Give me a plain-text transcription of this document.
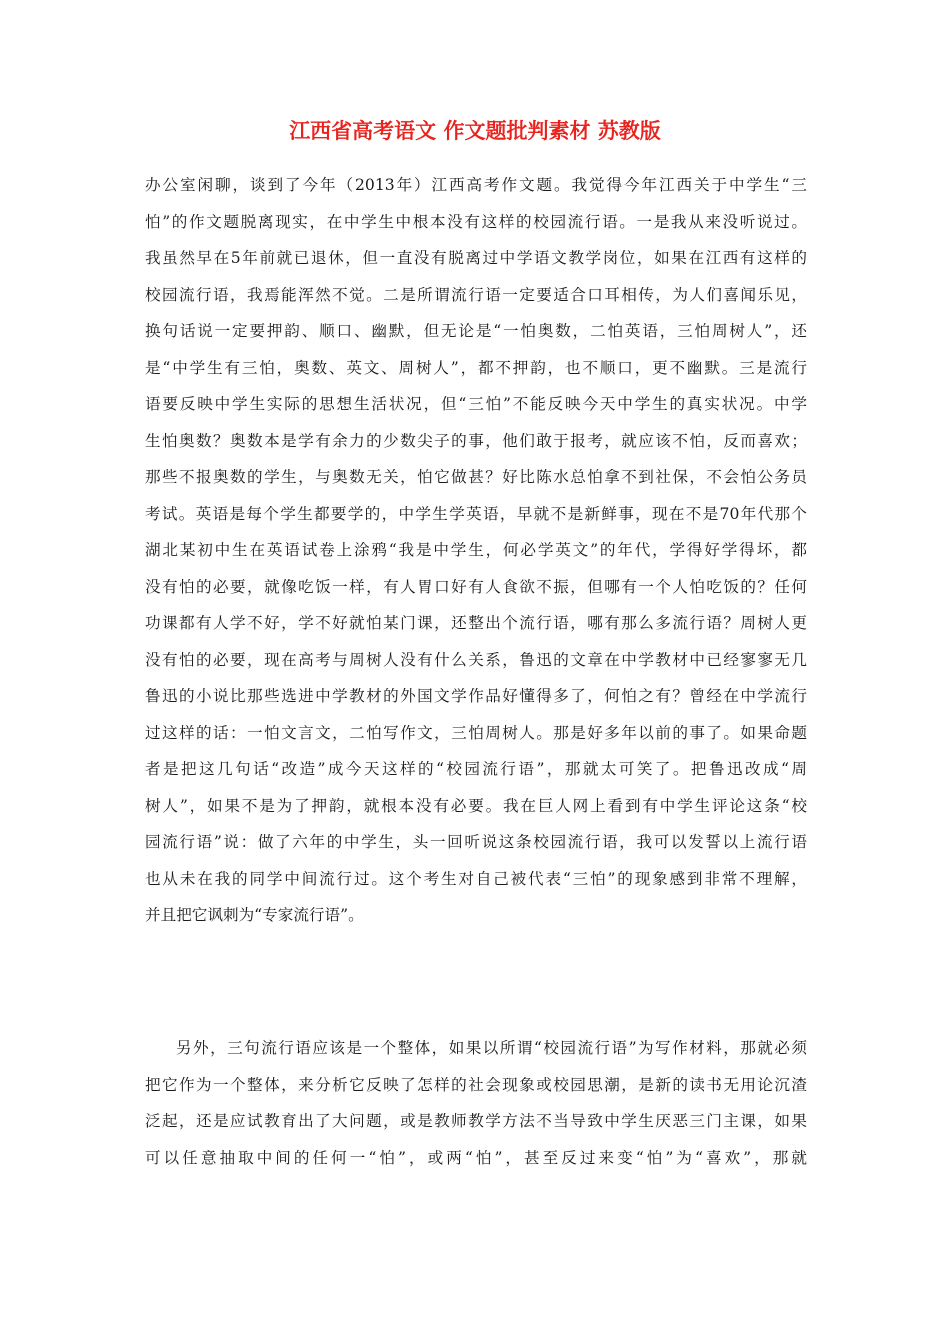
江西省高考语文 作文题批判素材 苏教版
办公室闲聊，谈到了今年（2013年）江西高考作文题。我觉得今年江西关于中学生“三
怕”的作文题脱离现实，在中学生中根本没有这样的校园流行语。一是我从来没听说过。
我虽然早在5年前就已退休，但一直没有脱离过中学语文教学岗位，如果在江西有这样的
校园流行语，我焉能浑然不觉。二是所谓流行语一定要适合口耳相传，为人们喜闻乐见，
换句话说一定要押韵、顺口、幽默，但无论是“一怕奥数，二怕英语，三怕周树人”，还
是“中学生有三怕，奥数、英文、周树人”，都不押韵，也不顺口，更不幽默。三是流行
语要反映中学生实际的思想生活状况，但“三怕”不能反映今天中学生的真实状况。中学
生怕奥数？奥数本是学有余力的少数尖子的事，他们敢于报考，就应该不怕，反而喜欢；
那些不报奥数的学生，与奥数无关，怕它做甚？好比陈水总怕拿不到社保，不会怕公务员
考试。英语是每个学生都要学的，中学生学英语，早就不是新鲜事，现在不是70年代那个
湖北某初中生在英语试卷上涂鸦“我是中学生，何必学英文”的年代，学得好学得坏，都
没有怕的必要，就像吃饭一样，有人胃口好有人食欲不振，但哪有一个人怕吃饭的？任何
功课都有人学不好，学不好就怕某门课，还整出个流行语，哪有那么多流行语？周树人更
没有怕的必要，现在高考与周树人没有什么关系，鲁迅的文章在中学教材中已经寥寥无几
鲁迅的小说比那些选进中学教材的外国文学作品好懂得多了，何怕之有？曾经在中学流行
过这样的话：一怕文言文，二怕写作文，三怕周树人。那是好多年以前的事了。如果命题
者是把这几句话“改造”成今天这样的“校园流行语”，那就太可笑了。把鲁迅改成“周
树人”，如果不是为了押韵，就根本没有必要。我在巨人网上看到有中学生评论这条“校
园流行语”说：做了六年的中学生，头一回听说这条校园流行语，我可以发誓以上流行语
也从未在我的同学中间流行过。这个考生对自己被代表“三怕”的现象感到非常不理解，
并且把它讽刺为“专家流行语”。
另外，三句流行语应该是一个整体，如果以所谓“校园流行语”为写作材料，那就必须
把它作为一个整体，来分析它反映了怎样的社会现象或校园思潮，是新的读书无用论沉渣
泛起，还是应试教育出了大问题，或是教师教学方法不当导致中学生厌恶三门主课，如果
可以任意抽取中间的任何一“怕”，或两“怕”，甚至反过来变“怕”为“喜欢”，那就
